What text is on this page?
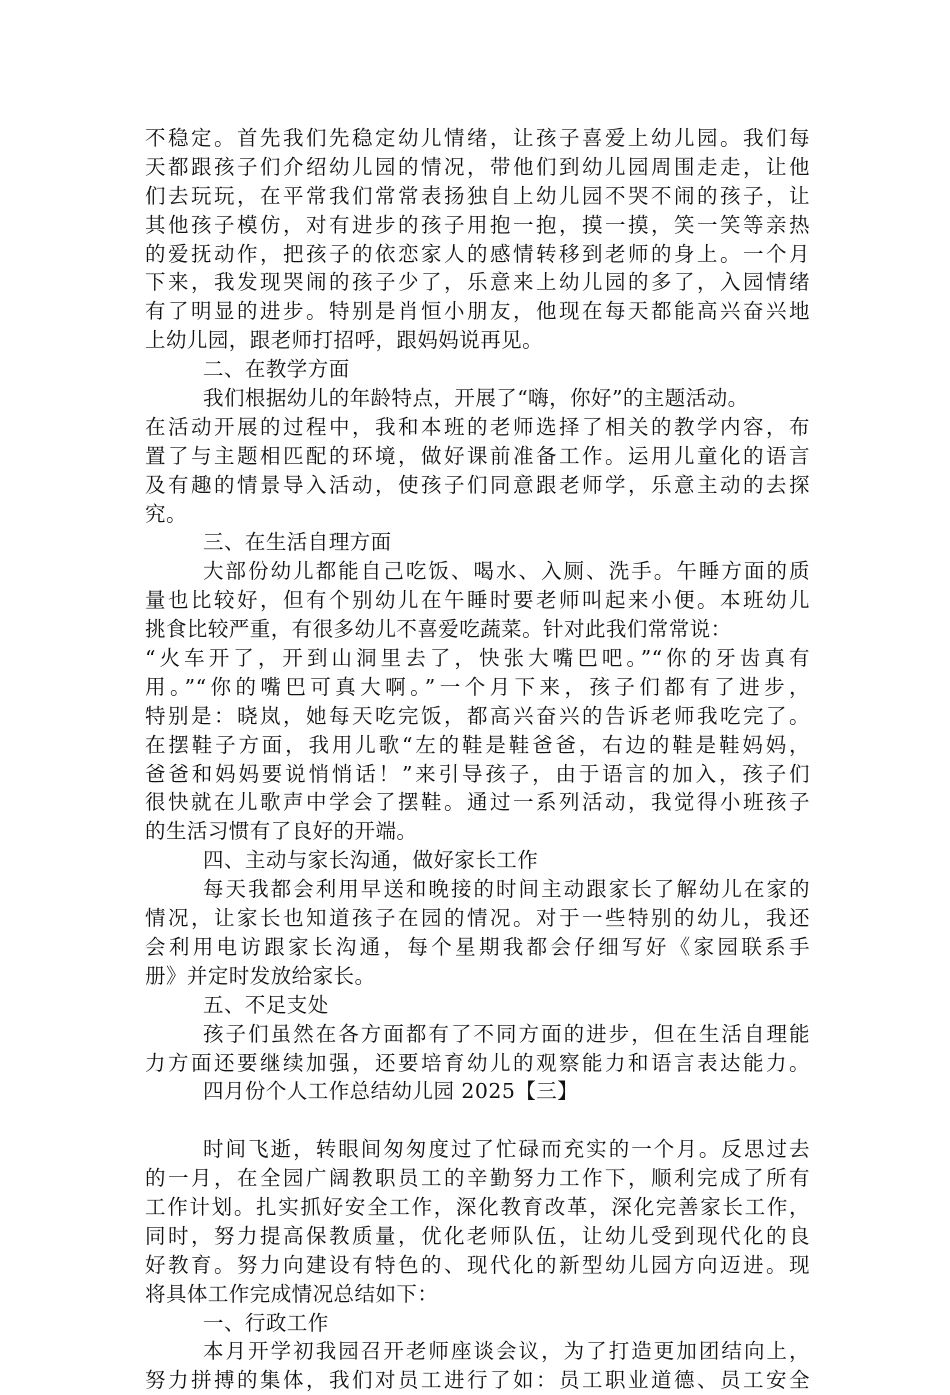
不稳定。首先我们先稳定幼儿情绪，让孩子喜爱上幼儿园。我们每
天都跟孩子们介绍幼儿园的情况，带他们到幼儿园周围走走，让他
们去玩玩，在平常我们常常表扬独自上幼儿园不哭不闹的孩子，让
其他孩子模仿，对有进步的孩子用抱一抱，摸一摸，笑一笑等亲热
的爱抚动作，把孩子的依恋家人的感情转移到老师的身上。一个月
下来，我发现哭闹的孩子少了，乐意来上幼儿园的多了，入园情绪
有了明显的进步。特别是肖恒小朋友，他现在每天都能高兴奋兴地
上幼儿园，跟老师打招呼，跟妈妈说再见。
二、在教学方面
我们根据幼儿的年龄特点，开展了“嗨，你好”的主题活动。
在活动开展的过程中，我和本班的老师选择了相关的教学内容，布
置了与主题相匹配的环境，做好课前准备工作。运用儿童化的语言
及有趣的情景导入活动，使孩子们同意跟老师学，乐意主动的去探
究。
三、在生活自理方面
大部份幼儿都能自己吃饭、喝水、入厕、洗手。午睡方面的质
量也比较好，但有个别幼儿在午睡时要老师叫起来小便。本班幼儿
挑食比较严重，有很多幼儿不喜爱吃蔬菜。针对此我们常常说：
“火车开了，开到山洞里去了，快张大嘴巴吧。”“你的牙齿真有
用。”“你的嘴巴可真大啊。”一个月下来，孩子们都有了进步，
特别是：晓岚，她每天吃完饭，都高兴奋兴的告诉老师我吃完了。
在摆鞋子方面，我用儿歌“左的鞋是鞋爸爸，右边的鞋是鞋妈妈，
爸爸和妈妈要说悄悄话！”来引导孩子，由于语言的加入，孩子们
很快就在儿歌声中学会了摆鞋。通过一系列活动，我觉得小班孩子
的生活习惯有了良好的开端。
四、主动与家长沟通，做好家长工作
每天我都会利用早送和晚接的时间主动跟家长了解幼儿在家的
情况，让家长也知道孩子在园的情况。对于一些特别的幼儿，我还
会利用电访跟家长沟通，每个星期我都会仔细写好《家园联系手
册》并定时发放给家长。
五、不足支处
孩子们虽然在各方面都有了不同方面的进步，但在生活自理能
力方面还要继续加强，还要培育幼儿的观察能力和语言表达能力。
四月份个人工作总结幼儿园 2025【三】
时间飞逝，转眼间匆匆度过了忙碌而充实的一个月。反思过去
的一月，在全园广阔教职员工的辛勤努力工作下，顺利完成了所有
工作计划。扎实抓好安全工作，深化教育改革，深化完善家长工作，
同时，努力提高保教质量，优化老师队伍，让幼儿受到现代化的良
好教育。努力向建设有特色的、现代化的新型幼儿园方向迈进。现
将具体工作完成情况总结如下：
一、行政工作
本月开学初我园召开老师座谈会议，为了打造更加团结向上，
努力拼搏的集体，我们对员工进行了如：员工职业道德、员工安全
